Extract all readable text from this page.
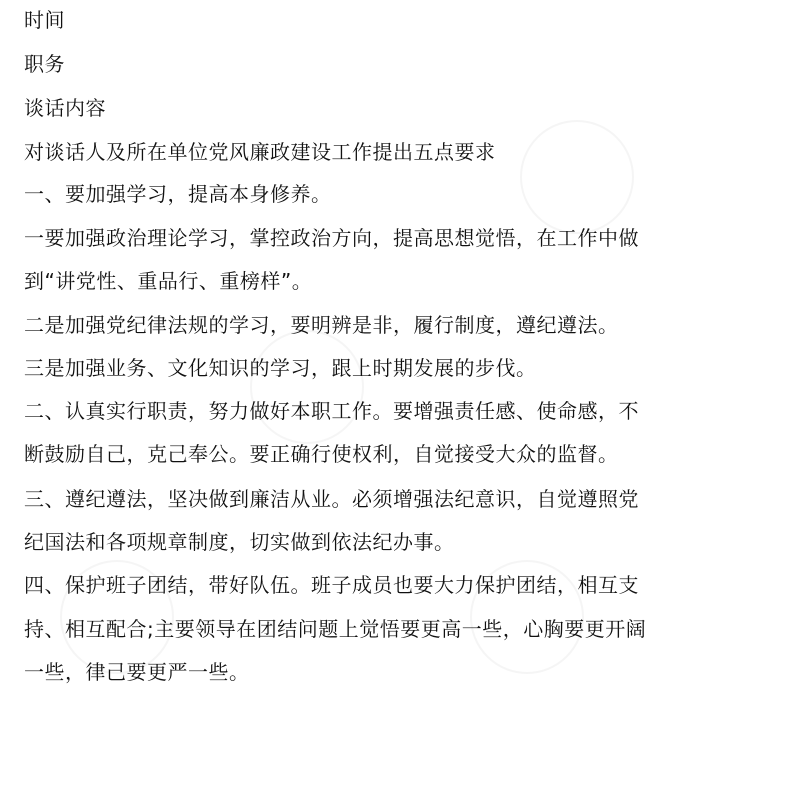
时间
职务
谈话内容
对谈话人及所在单位党风廉政建设工作提出五点要求
一、要加强学习，提高本身修养。
一要加强政治理论学习，掌控政治方向，提高思想觉悟，在工作中做
到“讲党性、重品行、重榜样”。
二是加强党纪律法规的学习，要明辨是非，履行制度，遵纪遵法。
三是加强业务、文化知识的学习，跟上时期发展的步伐。
二、认真实行职责，努力做好本职工作。要增强责任感、使命感，不
断鼓励自己，克己奉公。要正确行使权利，自觉接受大众的监督。
三、遵纪遵法，坚决做到廉洁从业。必须增强法纪意识，自觉遵照党
纪国法和各项规章制度，切实做到依法纪办事。
四、保护班子团结，带好队伍。班子成员也要大力保护团结，相互支
持、相互配合;主要领导在团结问题上觉悟要更高一些，心胸要更开阔
一些，律己要更严一些。
